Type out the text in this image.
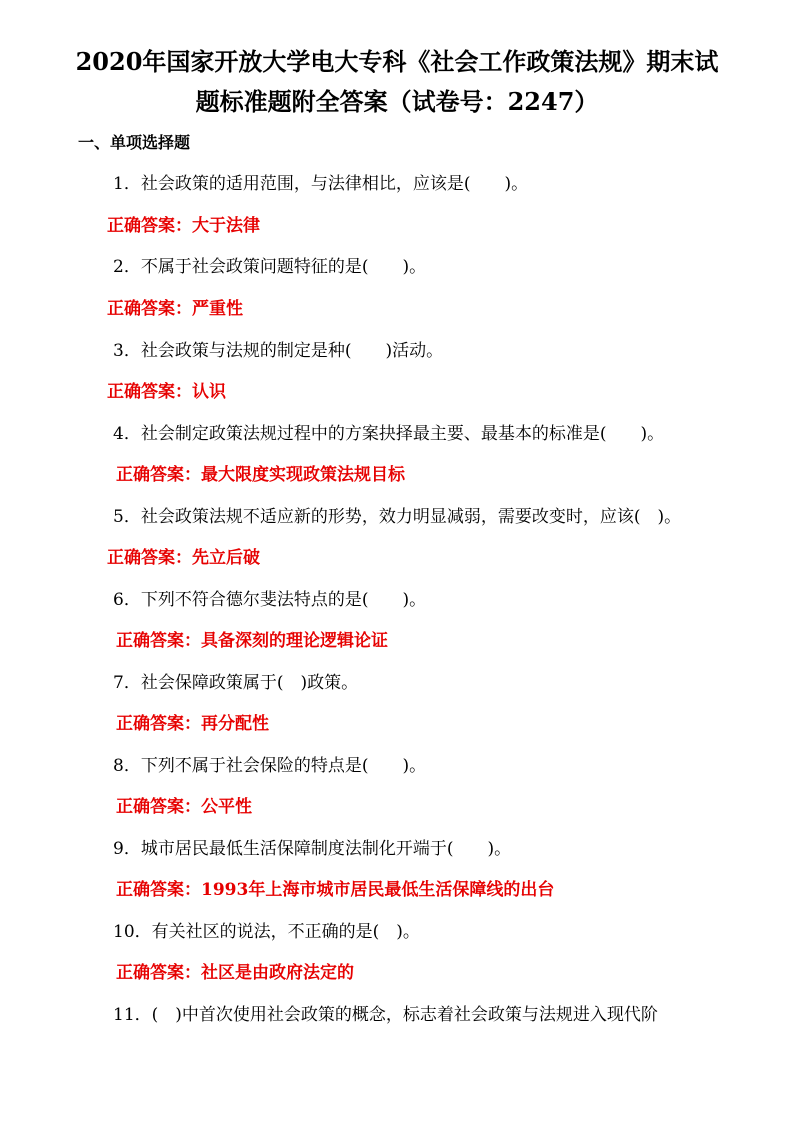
2020年国家开放大学电大专科《社会工作政策法规》期末试
题标准题附全答案（试卷号：2247）
一、单项选择题
1．社会政策的适用范围，与法律相比，应该是(　　)。
正确答案：大于法律
2．不属于社会政策问题特征的是(　　)。
正确答案：严重性
3．社会政策与法规的制定是种(　　)活动。
正确答案：认识
4．社会制定政策法规过程中的方案抉择最主要、最基本的标准是(　　)。
正确答案：最大限度实现政策法规目标
5．社会政策法规不适应新的形势，效力明显减弱，需要改变时，应该(　)。
正确答案：先立后破
6．下列不符合德尔斐法特点的是(　　)。
正确答案：具备深刻的理论逻辑论证
7．社会保障政策属于(　)政策。
正确答案：再分配性
8．下列不属于社会保险的特点是(　　)。
正确答案：公平性
9．城市居民最低生活保障制度法制化开端于(　　)。
正确答案：1993年上海市城市居民最低生活保障线的出台
10．有关社区的说法，不正确的是(　)。
正确答案：社区是由政府法定的
11．(　)中首次使用社会政策的概念，标志着社会政策与法规进入现代阶
